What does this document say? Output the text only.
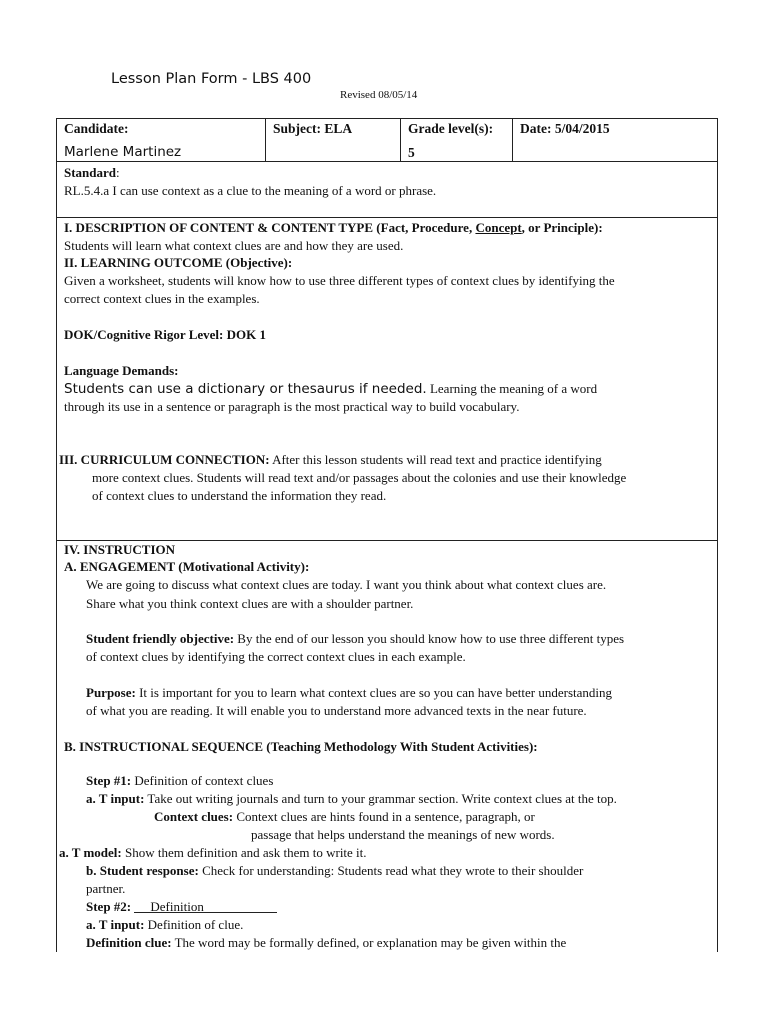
Lesson Plan Form - LBS 400
Revised 08/05/14
Candidate:
Marlene Martinez
Subject: ELA	Grade level(s):
5
Date: 5/04/2015
Standard:
RL.5.4.a I can use context as a clue to the meaning of a word or phrase.
I. DESCRIPTION OF CONTENT & CONTENT TYPE (Fact, Procedure, Concept, or Principle):
Students will learn what context clues are and how they are used.
II. LEARNING OUTCOME (Objective):
Given a worksheet, students will know how to use three different types of context clues by identifying the
correct context clues in the examples.
DOK/Cognitive Rigor Level: DOK 1
Language Demands:
Students can use a dictionary or thesaurus if needed. Learning the meaning of a word
through its use in a sentence or paragraph is the most practical way to build vocabulary.
III. CURRICULUM CONNECTION: After this lesson students will read text and practice identifying
more context clues. Students will read text and/or passages about the colonies and use their knowledge
of context clues to understand the information they read.
IV. INSTRUCTION
A. ENGAGEMENT (Motivational Activity):
We are going to discuss what context clues are today. I want you think about what context clues are.
Share what you think context clues are with a shoulder partner.
Student friendly objective: By the end of our lesson you should know how to use three different types
of context clues by identifying the correct context clues in each example.
Purpose: It is important for you to learn what context clues are so you can have better understanding
of what you are reading. It will enable you to understand more advanced texts in the near future.
B. INSTRUCTIONAL SEQUENCE (Teaching Methodology With Student Activities):
Step #1: Definition of context clues
a. T input: Take out writing journals and turn to your grammar section. Write context clues at the top.
Context clues: Context clues are hints found in a sentence, paragraph, or
passage that helps understand the meanings of new words.
a. T model: Show them definition and ask them to write it.
b. Student response: Check for understanding: Students read what they wrote to their shoulder
partner.
Step #2: Definition
a. T input: Definition of clue.
Definition clue: The word may be formally defined, or explanation may be given within the
